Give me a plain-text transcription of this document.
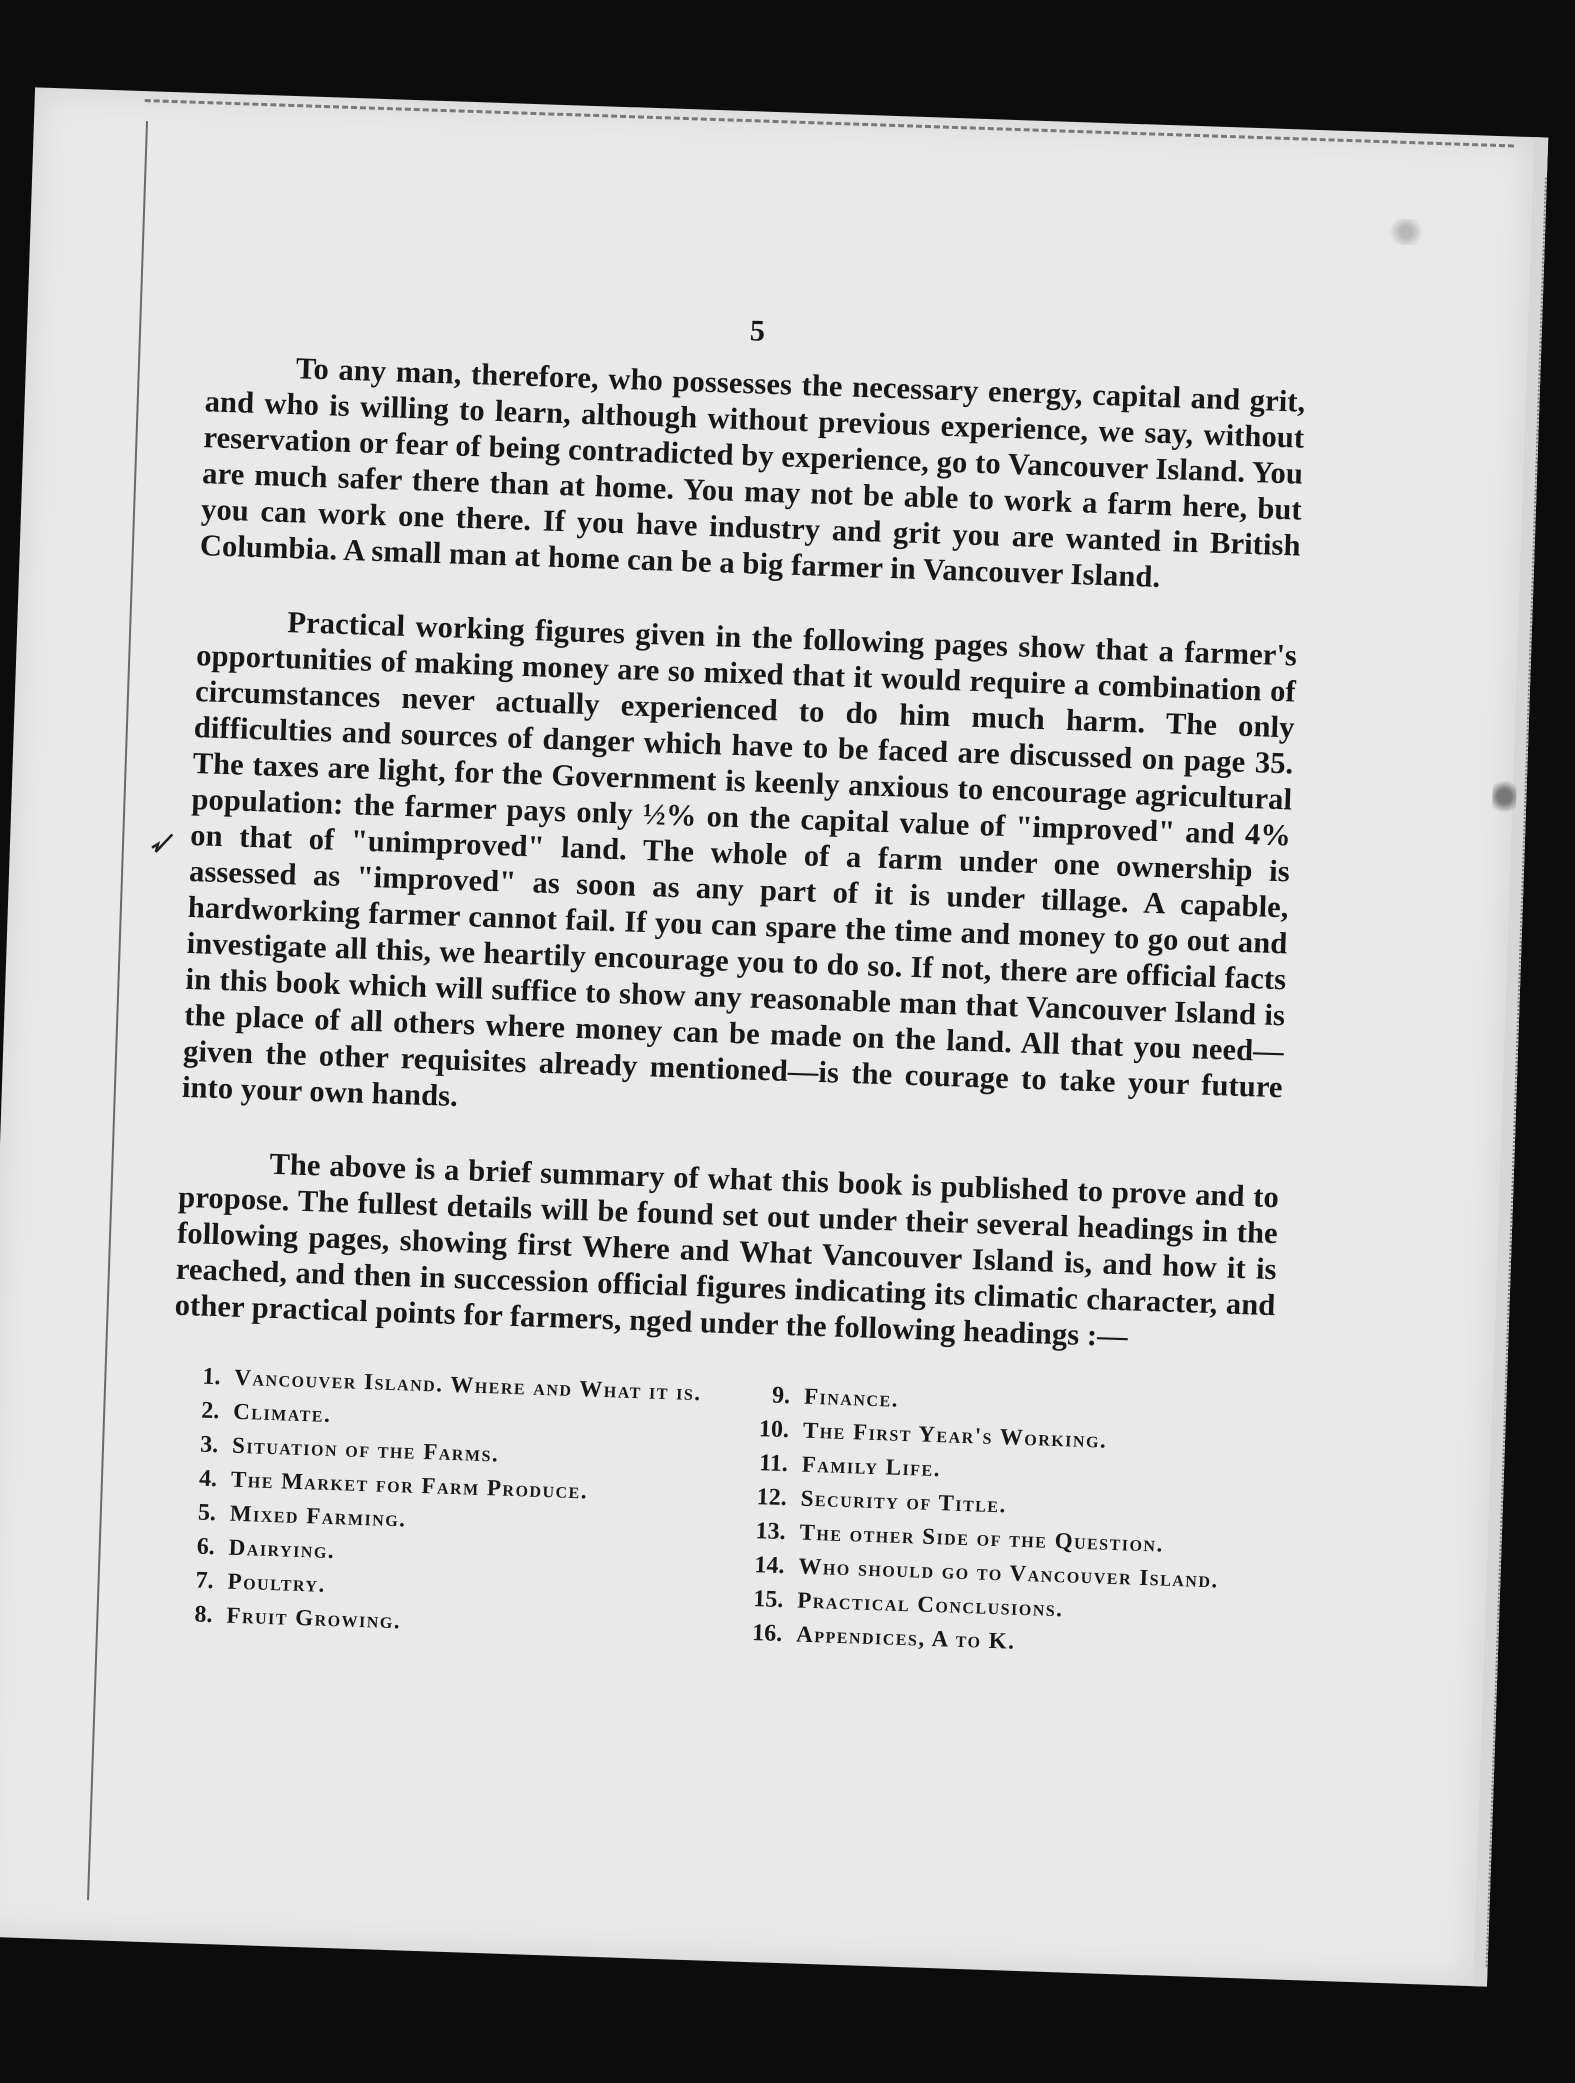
5

To any man, therefore, who possesses the necessary energy, capital and grit, and who is willing to learn, although without previous experience, we say, without reservation or fear of being contradicted by experience, go to Vancouver Island. You are much safer there than at home. You may not be able to work a farm here, but you can work one there. If you have industry and grit you are wanted in British Columbia. A small man at home can be a big farmer in Vancouver Island.

Practical working figures given in the following pages show that a farmer's opportunities of making money are so mixed that it would require a combination of circumstances never actually experienced to do him much harm. The only difficulties and sources of danger which have to be faced are discussed on page 35. The taxes are light, for the Government is keenly anxious to encourage agricultural population: the farmer pays only ½% on the capital value of "improved" and 4% on that of "unimproved" land. The whole of a farm under one ownership is assessed as "improved" as soon as any part of it is under tillage. A capable, hardworking farmer cannot fail. If you can spare the time and money to go out and investigate all this, we heartily encourage you to do so. If not, there are official facts in this book which will suffice to show any reasonable man that Vancouver Island is the place of all others where money can be made on the land. All that you need—given the other requisites already mentioned—is the courage to take your future into your own hands.

The above is a brief summary of what this book is published to prove and to propose. The fullest details will be found set out under their several headings in the following pages, showing first Where and What Vancouver Island is, and how it is reached, and then in succession official figures indicating its climatic character, and other practical points for farmers, nged under the following headings :—

1. Vancouver Island. Where and What it is.
2. Climate.
3. Situation of the Farms.
4. The Market for Farm Produce.
5. Mixed Farming.
6. Dairying.
7. Poultry.
8. Fruit Growing.
9. Finance.
10. The First Year's Working.
11. Family Life.
12. Security of Title.
13. The other Side of the Question.
14. Who should go to Vancouver Island.
15. Practical Conclusions.
16. Appendices, A to K.
